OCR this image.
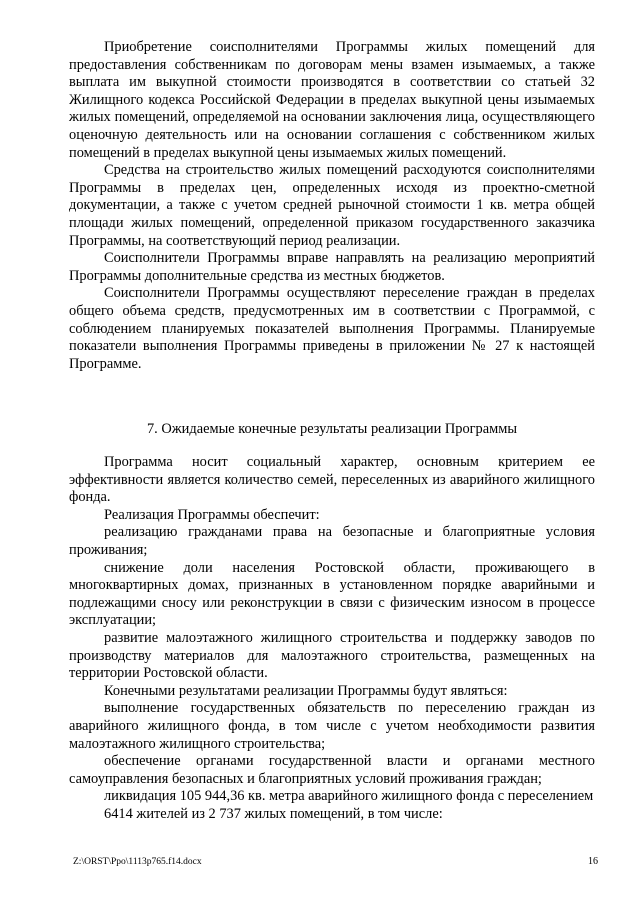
Приобретение соисполнителями Программы жилых помещений для предоставления собственникам по договорам мены взамен изымаемых, а также выплата им выкупной стоимости производятся в соответствии со статьей 32 Жилищного кодекса Российской Федерации в пределах выкупной цены изымаемых жилых помещений, определяемой на основании заключения лица, осуществляющего оценочную деятельность или на основании соглашения с собственником жилых помещений в пределах выкупной цены изымаемых жилых помещений.

Средства на строительство жилых помещений расходуются соисполнителями Программы в пределах цен, определенных исходя из проектно-сметной документации, а также с учетом средней рыночной стоимости 1 кв. метра общей площади жилых помещений, определенной приказом государственного заказчика Программы, на соответствующий период реализации.

Соисполнители Программы вправе направлять на реализацию мероприятий Программы дополнительные средства из местных бюджетов.

Соисполнители Программы осуществляют переселение граждан в пределах общего объема средств, предусмотренных им в соответствии с Программой, с соблюдением планируемых показателей выполнения Программы. Планируемые показатели выполнения Программы приведены в приложении № 27 к настоящей Программе.

7. Ожидаемые конечные результаты реализации Программы

Программа носит социальный характер, основным критерием ее эффективности является количество семей, переселенных из аварийного жилищного фонда.

Реализация Программы обеспечит:

реализацию гражданами права на безопасные и благоприятные условия проживания;

снижение доли населения Ростовской области, проживающего в многоквартирных домах, признанных в установленном порядке аварийными и подлежащими сносу или реконструкции в связи с физическим износом в процессе эксплуатации;

развитие малоэтажного жилищного строительства и поддержку заводов по производству материалов для малоэтажного строительства, размещенных на территории Ростовской области.

Конечными результатами реализации Программы будут являться:

выполнение государственных обязательств по переселению граждан из аварийного жилищного фонда, в том числе с учетом необходимости развития малоэтажного жилищного строительства;

обеспечение органами государственной власти и органами местного самоуправления безопасных и благоприятных условий проживания граждан;

ликвидация 105 944,36 кв. метра аварийного жилищного фонда с переселением

6414 жителей из 2 737 жилых помещений, в том числе:

Z:\ORST\Ppo\1113p765.f14.docx	16
